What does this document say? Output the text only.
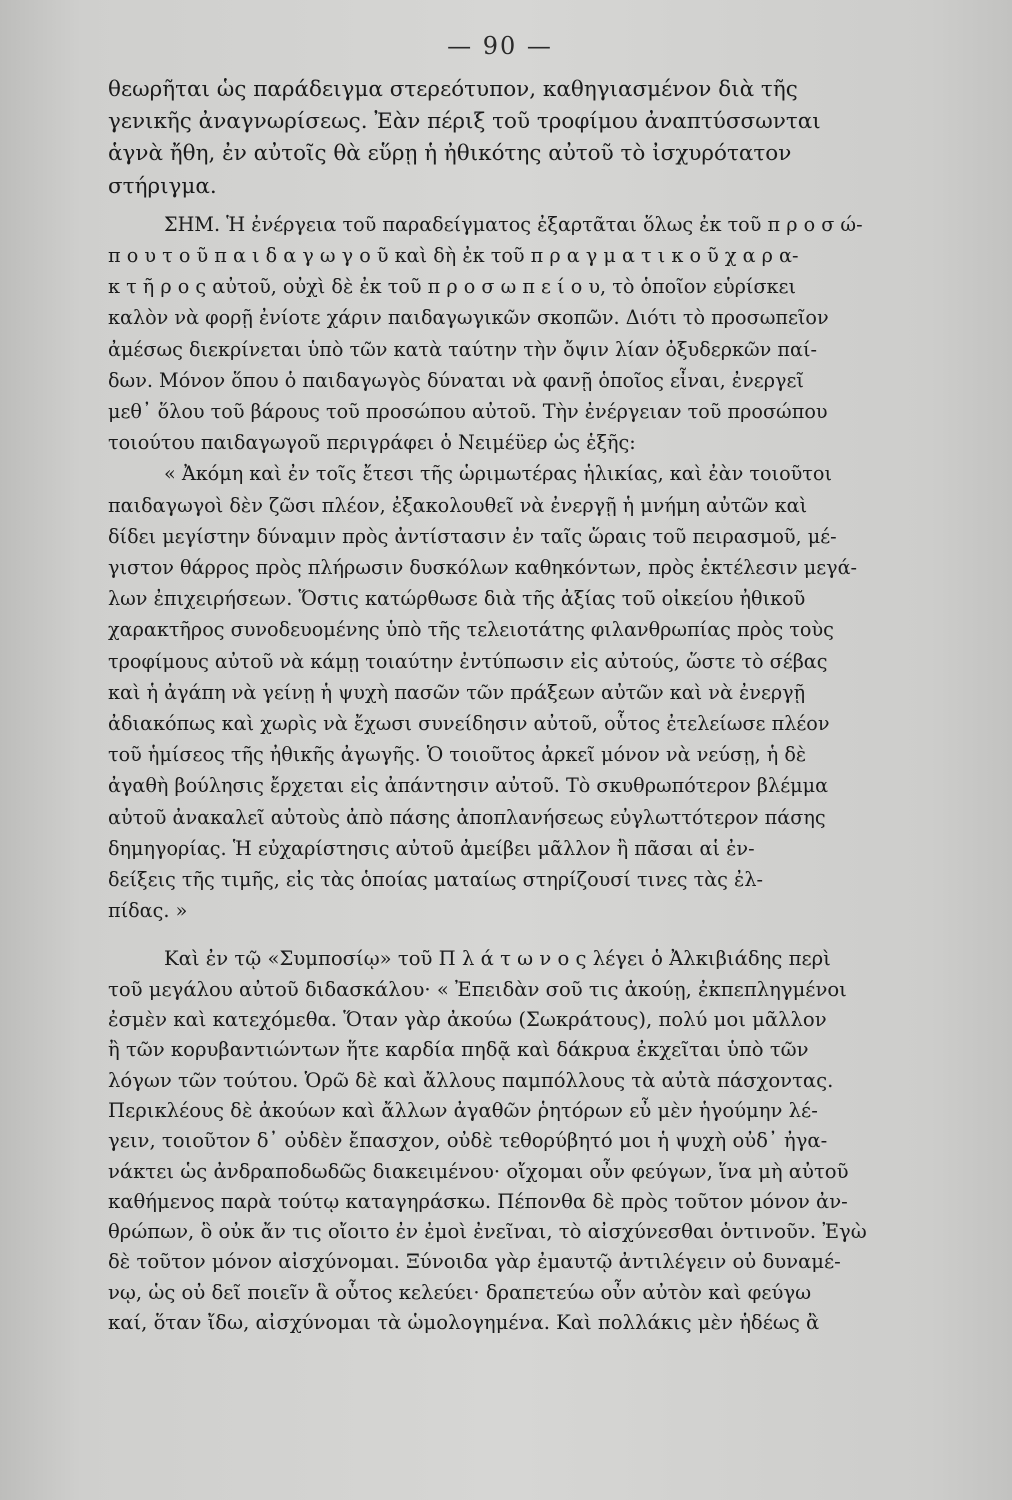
— 90 —

θεωρῆται ὡς παράδειγμα στερεότυπον, καθηγιασμένον διὰ τῆς
γενικῆς ἀναγνωρίσεως. Ἐὰν πέριξ τοῦ τροφίμου ἀναπτύσσωνται
ἁγνὰ ἤθη, ἐν αὐτοῖς θὰ εὕρῃ ἡ ἠθικότης αὐτοῦ τὸ ἰσχυρότατον
στήριγμα.

ΣΗΜ. Ἡ ἐνέργεια τοῦ παραδείγματος ἐξαρτᾶται ὅλως ἐκ τοῦ π ρ ο σ ώ-
π ο υ τ ο ῦ π α ι δ α γ ω γ ο ῦ καὶ δὴ ἐκ τοῦ π ρ α γ μ α τ ι κ ο ῦ χ α ρ α-
κ τ ῆ ρ ο ς αὐτοῦ, οὐχὶ δὲ ἐκ τοῦ π ρ ο σ ω π ε ί ο υ, τὸ ὁποῖον εὑρίσκει
καλὸν νὰ φορῇ ἐνίοτε χάριν παιδαγωγικῶν σκοπῶν. Διότι τὸ προσωπεῖον
ἀμέσως διεκρίνεται ὑπὸ τῶν κατὰ ταύτην τὴν ὄψιν λίαν ὀξυδερκῶν παί-
δων. Μόνον ὅπου ὁ παιδαγωγὸς δύναται νὰ φανῇ ὁποῖος εἶναι, ἐνεργεῖ
μεθ᾽ ὅλου τοῦ βάρους τοῦ προσώπου αὐτοῦ. Τὴν ἐνέργειαν τοῦ προσώπου
τοιούτου παιδαγωγοῦ περιγράφει ὁ Νειμέϋερ ὡς ἑξῆς:

« Ἀκόμη καὶ ἐν τοῖς ἔτεσι τῆς ὡριμωτέρας ἡλικίας, καὶ ἐὰν τοιοῦτοι
παιδαγωγοὶ δὲν ζῶσι πλέον, ἐξακολουθεῖ νὰ ἐνεργῇ ἡ μνήμη αὐτῶν καὶ
δίδει μεγίστην δύναμιν πρὸς ἀντίστασιν ἐν ταῖς ὥραις τοῦ πειρασμοῦ, μέ-
γιστον θάρρος πρὸς πλήρωσιν δυσκόλων καθηκόντων, πρὸς ἐκτέλεσιν μεγά-
λων ἐπιχειρήσεων. Ὅστις κατώρθωσε διὰ τῆς ἀξίας τοῦ οἰκείου ἠθικοῦ
χαρακτῆρος συνοδευομένης ὑπὸ τῆς τελειοτάτης φιλανθρωπίας πρὸς τοὺς
τροφίμους αὐτοῦ νὰ κάμῃ τοιαύτην ἐντύπωσιν εἰς αὐτούς, ὥστε τὸ σέβας
καὶ ἡ ἀγάπη νὰ γείνῃ ἡ ψυχὴ πασῶν τῶν πράξεων αὐτῶν καὶ νὰ ἐνεργῇ
ἀδιακόπως καὶ χωρὶς νὰ ἔχωσι συνείδησιν αὐτοῦ, οὗτος ἐτελείωσε πλέον
τοῦ ἡμίσεος τῆς ἠθικῆς ἀγωγῆς. Ὁ τοιοῦτος ἀρκεῖ μόνον νὰ νεύσῃ, ἡ δὲ
ἀγαθὴ βούλησις ἔρχεται εἰς ἀπάντησιν αὐτοῦ. Τὸ σκυθρωπότερον βλέμμα
αὐτοῦ ἀνακαλεῖ αὐτοὺς ἀπὸ πάσης ἀποπλανήσεως εὐγλωττότερον πάσης
δημηγορίας. Ἡ εὐχαρίστησις αὐτοῦ ἀμείβει μᾶλλον ἢ πᾶσαι αἱ ἐν-
δείξεις τῆς τιμῆς, εἰς τὰς ὁποίας ματαίως στηρίζουσί τινες τὰς ἐλ-
πίδας. »

Καὶ ἐν τῷ «Συμποσίῳ» τοῦ Π λ ά τ ω ν ο ς λέγει ὁ Ἀλκιβιάδης περὶ
τοῦ μεγάλου αὐτοῦ διδασκάλου· « Ἐπειδὰν σοῦ τις ἀκούῃ, ἐκπεπληγμένοι
ἐσμὲν καὶ κατεχόμεθα. Ὅταν γὰρ ἀκούω (Σωκράτους), πολύ μοι μᾶλλον
ἢ τῶν κορυβαντιώντων ἥτε καρδία πηδᾷ καὶ δάκρυα ἐκχεῖται ὑπὸ τῶν
λόγων τῶν τούτου. Ὁρῶ δὲ καὶ ἄλλους παμπόλλους τὰ αὐτὰ πάσχοντας.
Περικλέους δὲ ἀκούων καὶ ἄλλων ἀγαθῶν ῥητόρων εὖ μὲν ἡγούμην λέ-
γειν, τοιοῦτον δ᾽ οὐδὲν ἔπασχον, οὐδὲ τεθορύβητό μοι ἡ ψυχὴ οὐδ᾽ ἠγα-
νάκτει ὡς ἀνδραποδωδῶς διακειμένου· οἴχομαι οὖν φεύγων, ἵνα μὴ αὐτοῦ
καθήμενος παρὰ τούτῳ καταγηράσκω. Πέπονθα δὲ πρὸς τοῦτον μόνον ἀν-
θρώπων, ὃ οὐκ ἄν τις οἴοιτο ἐν ἐμοὶ ἐνεῖναι, τὸ αἰσχύνεσθαι ὁντινοῦν. Ἐγὼ
δὲ τοῦτον μόνον αἰσχύνομαι. Ξύνοιδα γὰρ ἐμαυτῷ ἀντιλέγειν οὐ δυναμέ-
νῳ, ὡς οὐ δεῖ ποιεῖν ἃ οὗτος κελεύει· δραπετεύω οὖν αὐτὸν καὶ φεύγω
καί, ὅταν ἴδω, αἰσχύνομαι τὰ ὡμολογημένα. Καὶ πολλάκις μὲν ἡδέως ἂ
